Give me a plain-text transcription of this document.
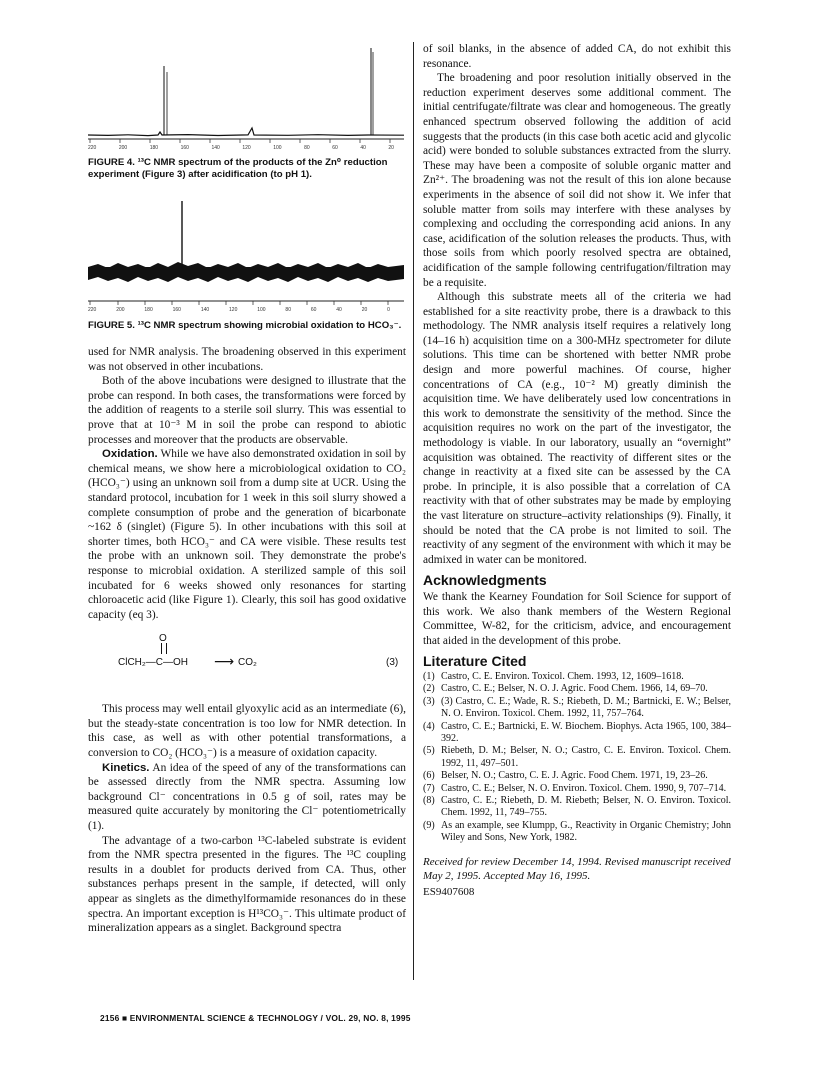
220	200	180	160	140	120	100	80	60	40	20
FIGURE 4. ¹³C NMR spectrum of the products of the Zn⁰ reduction experiment (Figure 3) after acidification (to pH 1).
220	200	180	160	140	120	100	80	60	40	20	0
FIGURE 5. ¹³C NMR spectrum showing microbial oxidation to HCO₃⁻.

used for NMR analysis. The broadening observed in this experiment was not observed in other incubations.

Both of the above incubations were designed to illustrate that the probe can respond. In both cases, the transformations were forced by the addition of reagents to a sterile soil slurry. This was essential to prove that at 10⁻³ M in soil the probe can respond to abiotic processes and moreover that the products are observable.

Oxidation. While we have also demonstrated oxidation in soil by chemical means, we show here a microbiological oxidation to CO₂ (HCO₃⁻) using an unknown soil from a dump site at UCR. Using the standard protocol, incubation for 1 week in this soil slurry showed a complete consumption of probe and the generation of bicarbonate ~162 δ (singlet) (Figure 5). In other incubations with this soil at shorter times, both HCO₃⁻ and CA were visible. These results test the probe with an unknown soil. They demonstrate the probe's response to microbial oxidation. A sterilized sample of this soil incubated for 6 weeks showed only resonances for starting chloroacetic acid (like Figure 1). Clearly, this soil has good oxidative capacity (eq 3).

O
ClCH₂—C—OH ⟶ CO₂	(3)

This process may well entail glyoxylic acid as an intermediate (6), but the steady-state concentration is too low for NMR detection. In this case, as well as with other potential transformations, a conversion to CO₂ (HCO₃⁻) is a measure of oxidation capacity.

Kinetics. An idea of the speed of any of the transformations can be assessed directly from the NMR spectra. Assuming low background Cl⁻ concentrations in 0.5 g of soil, rates may be measured quite accurately by monitoring the Cl⁻ potentiometrically (1).

The advantage of a two-carbon ¹³C-labeled substrate is evident from the NMR spectra presented in the figures. The ¹³C coupling results in a doublet for products derived from CA. Thus, other substances perhaps present in the sample, if detected, will only appear as singlets as the dimethylformamide resonances do in these spectra. An important exception is H¹³CO₃⁻. This ultimate product of mineralization appears as a singlet. Background spectra

of soil blanks, in the absence of added CA, do not exhibit this resonance.

The broadening and poor resolution initially observed in the reduction experiment deserves some additional comment. The initial centrifugate/filtrate was clear and homogeneous. The greatly enhanced spectrum observed following the addition of acid suggests that the products (in this case both acetic acid and glycolic acid) were bonded to soluble substances extracted from the slurry. These may have been a composite of soluble organic matter and Zn²⁺. The broadening was not the result of this ion alone because experiments in the absence of soil did not show it. We infer that soluble matter from soils may interfere with these analyses by complexing and occluding the corresponding acid anions. In any case, acidification of the solution releases the products. Thus, with those soils from which poorly resolved spectra are obtained, acidification of the sample following centrifugation/filtration may be a requisite.

Although this substrate meets all of the criteria we had established for a site reactivity probe, there is a drawback to this methodology. The NMR analysis itself requires a relatively long (14–16 h) acquisition time on a 300-MHz spectrometer for dilute solutions. This time can be shortened with better NMR probe design and more powerful machines. Of course, higher concentrations of CA (e.g., 10⁻² M) greatly diminish the acquisition time. We have deliberately used low concentrations in this work to demonstrate the sensitivity of the method. Since the acquisition requires no work on the part of the investigator, the methodology is viable. In our laboratory, usually an “overnight” acquisition was obtained. The reactivity of different sites or the change in reactivity at a fixed site can be assessed by the CA probe. In principle, it is also possible that a correlation of CA reactivity with that of other substrates may be made by employing the vast literature on structure–activity relationships (9). Finally, it should be noted that the CA probe is not limited to soil. The reactivity of any segment of the environment with which it may be admixed in water can be monitored.

Acknowledgments

We thank the Kearney Foundation for Soil Science for support of this work. We also thank members of the Western Regional Committee, W-82, for the criticism, advice, and encouragement that aided in the development of this probe.

Literature Cited
(1) Castro, C. E. Environ. Toxicol. Chem. 1993, 12, 1609–1618.
(2) Castro, C. E.; Belser, N. O. J. Agric. Food Chem. 1966, 14, 69–70.
(3) (3) Castro, C. E.; Wade, R. S.; Riebeth, D. M.; Bartnicki, E. W.; Belser, N. O. Environ. Toxicol. Chem. 1992, 11, 757–764.
(4) Castro, C. E.; Bartnicki, E. W. Biochem. Biophys. Acta 1965, 100, 384–392.
(5) Riebeth, D. M.; Belser, N. O.; Castro, C. E. Environ. Toxicol. Chem. 1992, 11, 497–501.
(6) Belser, N. O.; Castro, C. E. J. Agric. Food Chem. 1971, 19, 23–26.
(7) Castro, C. E.; Belser, N. O. Environ. Toxicol. Chem. 1990, 9, 707–714.
(8) Castro, C. E.; Riebeth, D. M. Riebeth; Belser, N. O. Environ. Toxicol. Chem. 1992, 11, 749–755.
(9) As an example, see Klumpp, G., Reactivity in Organic Chemistry; John Wiley and Sons, New York, 1982.

Received for review December 14, 1994. Revised manuscript received May 2, 1995. Accepted May 16, 1995.

ES9407608

2156 ■ ENVIRONMENTAL SCIENCE & TECHNOLOGY / VOL. 29, NO. 8, 1995
